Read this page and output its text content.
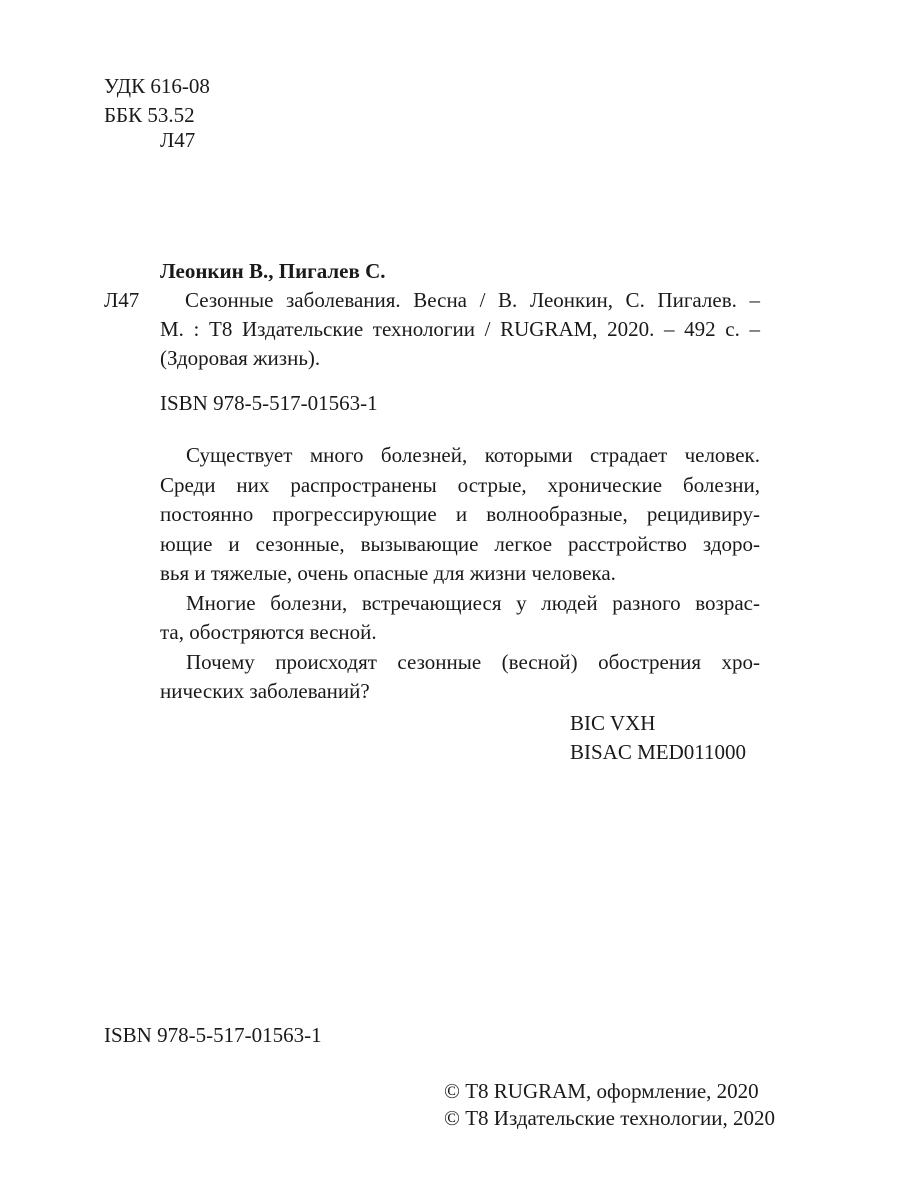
УДК 616-08
ББК 53.52
Л47
Леонкин В., Пигалев С.
Л47	Сезонные заболевания. Весна / В. Леонкин, С. Пигалев. –
М. : Т8 Издательские технологии / RUGRAM, 2020. – 492 с. –
(Здоровая жизнь).
ISBN 978-5-517-01563-1
Существует много болезней, которыми страдает человек.
Среди них распространены острые, хронические болезни,
постоянно прогрессирующие и волнообразные, рецидивиру-
ющие и сезонные, вызывающие легкое расстройство здоро-
вья и тяжелые, очень опасные для жизни человека.
Многие болезни, встречающиеся у людей разного возрас-
та, обостряются весной.
Почему происходят сезонные (весной) обострения хро-
нических заболеваний?
BIC VXH
BISAC MED011000
ISBN 978-5-517-01563-1
© Т8 RUGRAM, оформление, 2020
© Т8 Издательские технологии, 2020
